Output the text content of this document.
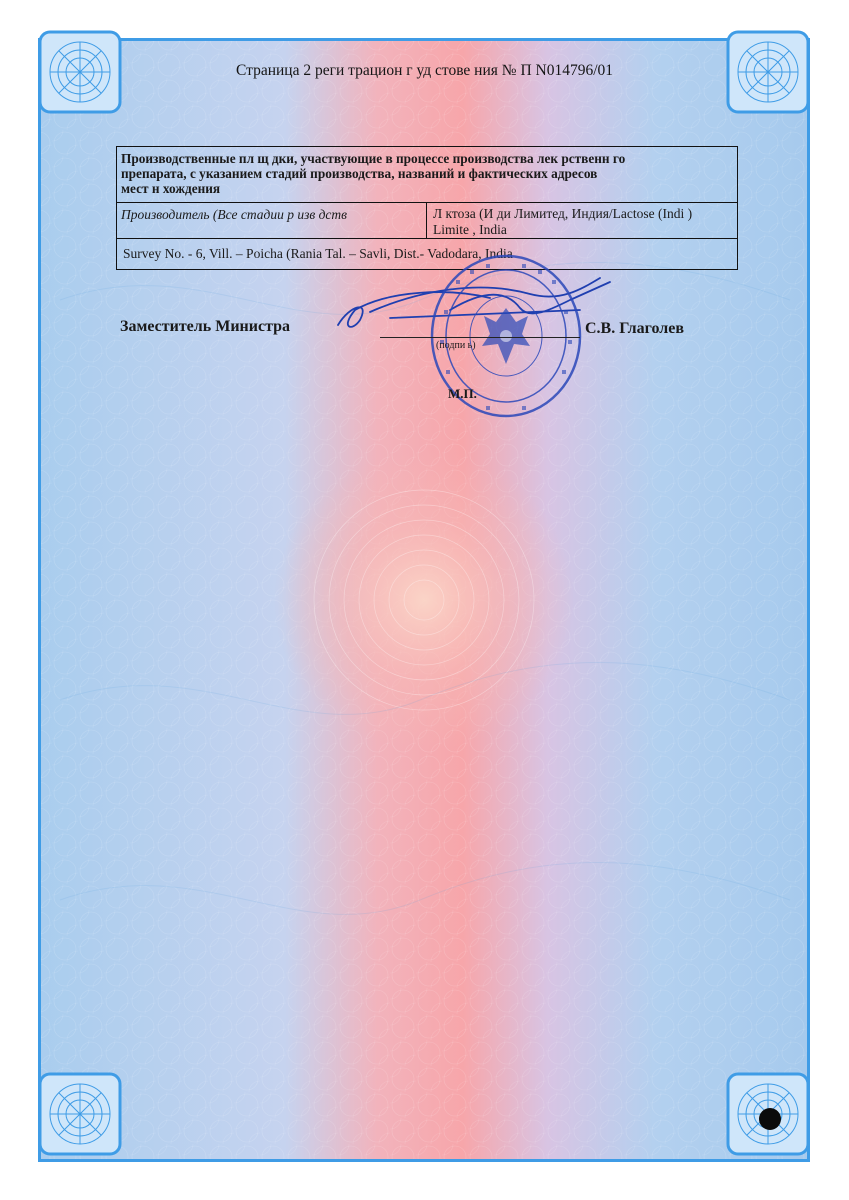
Страница 2 реги трацион г уд стове ния № П N014796/01
Производственные пл щ дки, участвующие в процессе производства лек рственн го
препарата, с указанием стадий производства, названий и фактических адресов
мест н хождения
Производитель (Все стадии р изв дств	Л ктоза (И ди Лимитед, Индия/Lactose (Indi )
Limite , India
Survey No. - 6, Vill. – Poicha (Rania Tal. – Savli, Dist.- Vadodara, India
Заместитель Министра
(подпи ь)
С.В. Глаголев
М.П.
